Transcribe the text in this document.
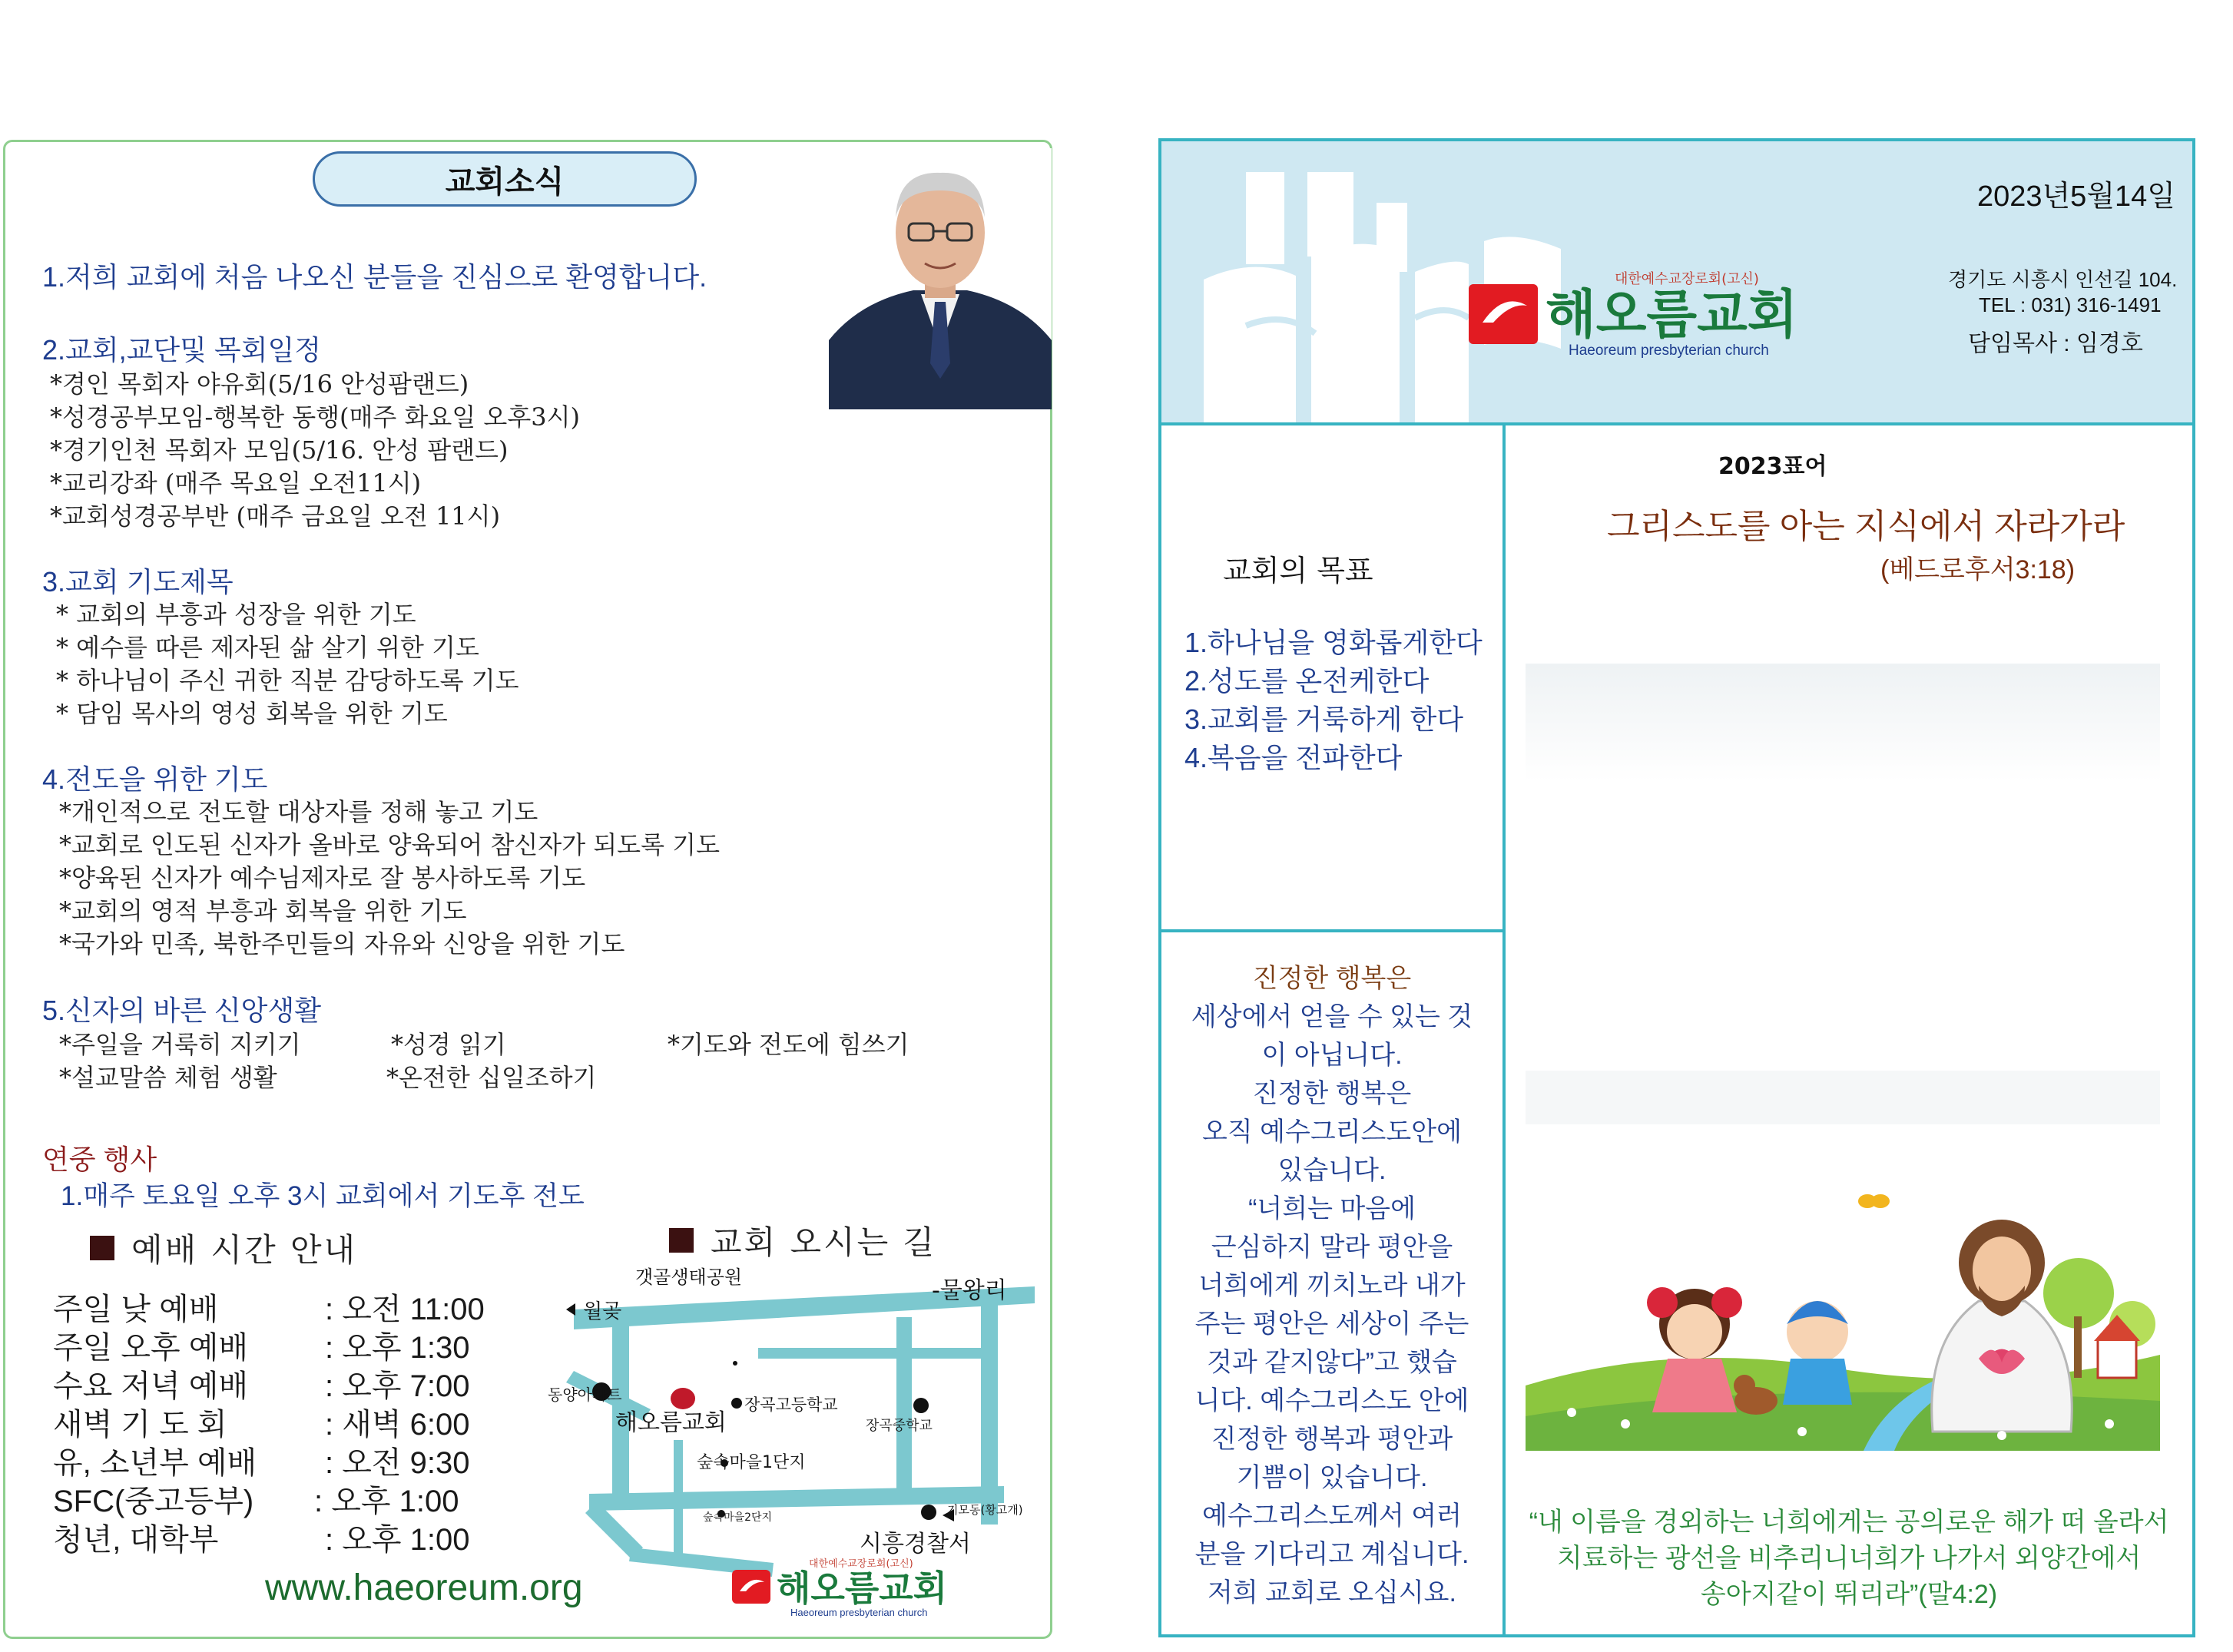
교회소식
1.저희 교회에 처음 나오신 분들을 진심으로 환영합니다.
2.교회,교단및 목회일정
*경인 목회자 야유회(5/16 안성팜랜드)
*성경공부모임-행복한 동행(매주 화요일 오후3시)
*경기인천 목회자 모임(5/16. 안성 팜랜드)
*교리강좌 (매주 목요일 오전11시)
*교회성경공부반 (매주 금요일 오전 11시)
3.교회 기도제목
* 교회의 부흥과 성장을 위한 기도
* 예수를 따른 제자된 삶 살기 위한 기도
* 하나님이 주신 귀한 직분 감당하도록 기도
* 담임 목사의 영성 회복을 위한 기도
4.전도을 위한 기도
*개인적으로 전도할 대상자를 정해 놓고 기도
*교회로 인도된 신자가 올바로 양육되어 참신자가 되도록 기도
*양육된 신자가 예수님제자로 잘 봉사하도록 기도
*교회의 영적 부흥과 회복을 위한 기도
*국가와 민족, 북한주민들의 자유와 신앙을 위한 기도
5.신자의 바른 신앙생활
*주일을 거룩히 지키기	*성경 읽기	*기도와 전도에 힘쓰기
*설교말씀 체험 생활	*온전한 십일조하기
연중 행사
1.매주 토요일 오후 3시 교회에서 기도후 전도
예배 시간 안내
주일 낮 예배	: 오전 11:00
주일 오후 예배 : 오후 1:30
수요 저녁 예배 : 오후 7:00
새벽 기 도 회	: 새벽 6:00
유, 소년부 예배 : 오전 9:30
SFC(중고등부) : 오후 1:00
청년, 대학부	: 오후 1:00
교회 오시는 길
갯골생태공원	-물왕리
월곶
동양아파트
해오름교회
장곡고등학교
장곡중학교
숲속마을1단지
숲속마을2단지
기모동(황고개)
시흥경찰서
www.haeoreum.org
대한예수교장로회(고신)
해오름교회
Haeoreum presbyterian church
2023년5월14일
대한예수교장로회(고신)
해오름교회
Haeoreum presbyterian church
경기도 시흥시 인선길 104.
TEL : 031) 316-1491
담임목사 : 임경호
교회의 목표
1.하나님을 영화롭게한다
2.성도를 온전케한다
3.교회를 거룩하게 한다
4.복음을 전파한다
진정한 행복은
세상에서 얻을 수 있는 것
이 아닙니다.
진정한 행복은
오직 예수그리스도안에
있습니다.
“너희는 마음에
근심하지 말라 평안을
너희에게 끼치노라 내가
주는 평안은 세상이 주는
것과 같지않다”고 했습
니다. 예수그리스도 안에
진정한 행복과 평안과
기쁨이 있습니다.
예수그리스도께서 여러
분을 기다리고 계십니다.
저희 교회로 오십시요.
2023표어
그리스도를 아는 지식에서 자라가라
(베드로후서3:18)
“내 이름을 경외하는 너희에게는 공의로운 해가 떠 올라서
치료하는 광선을 비추리니너희가 나가서 외양간에서
송아지같이 뛰리라”(말4:2)
